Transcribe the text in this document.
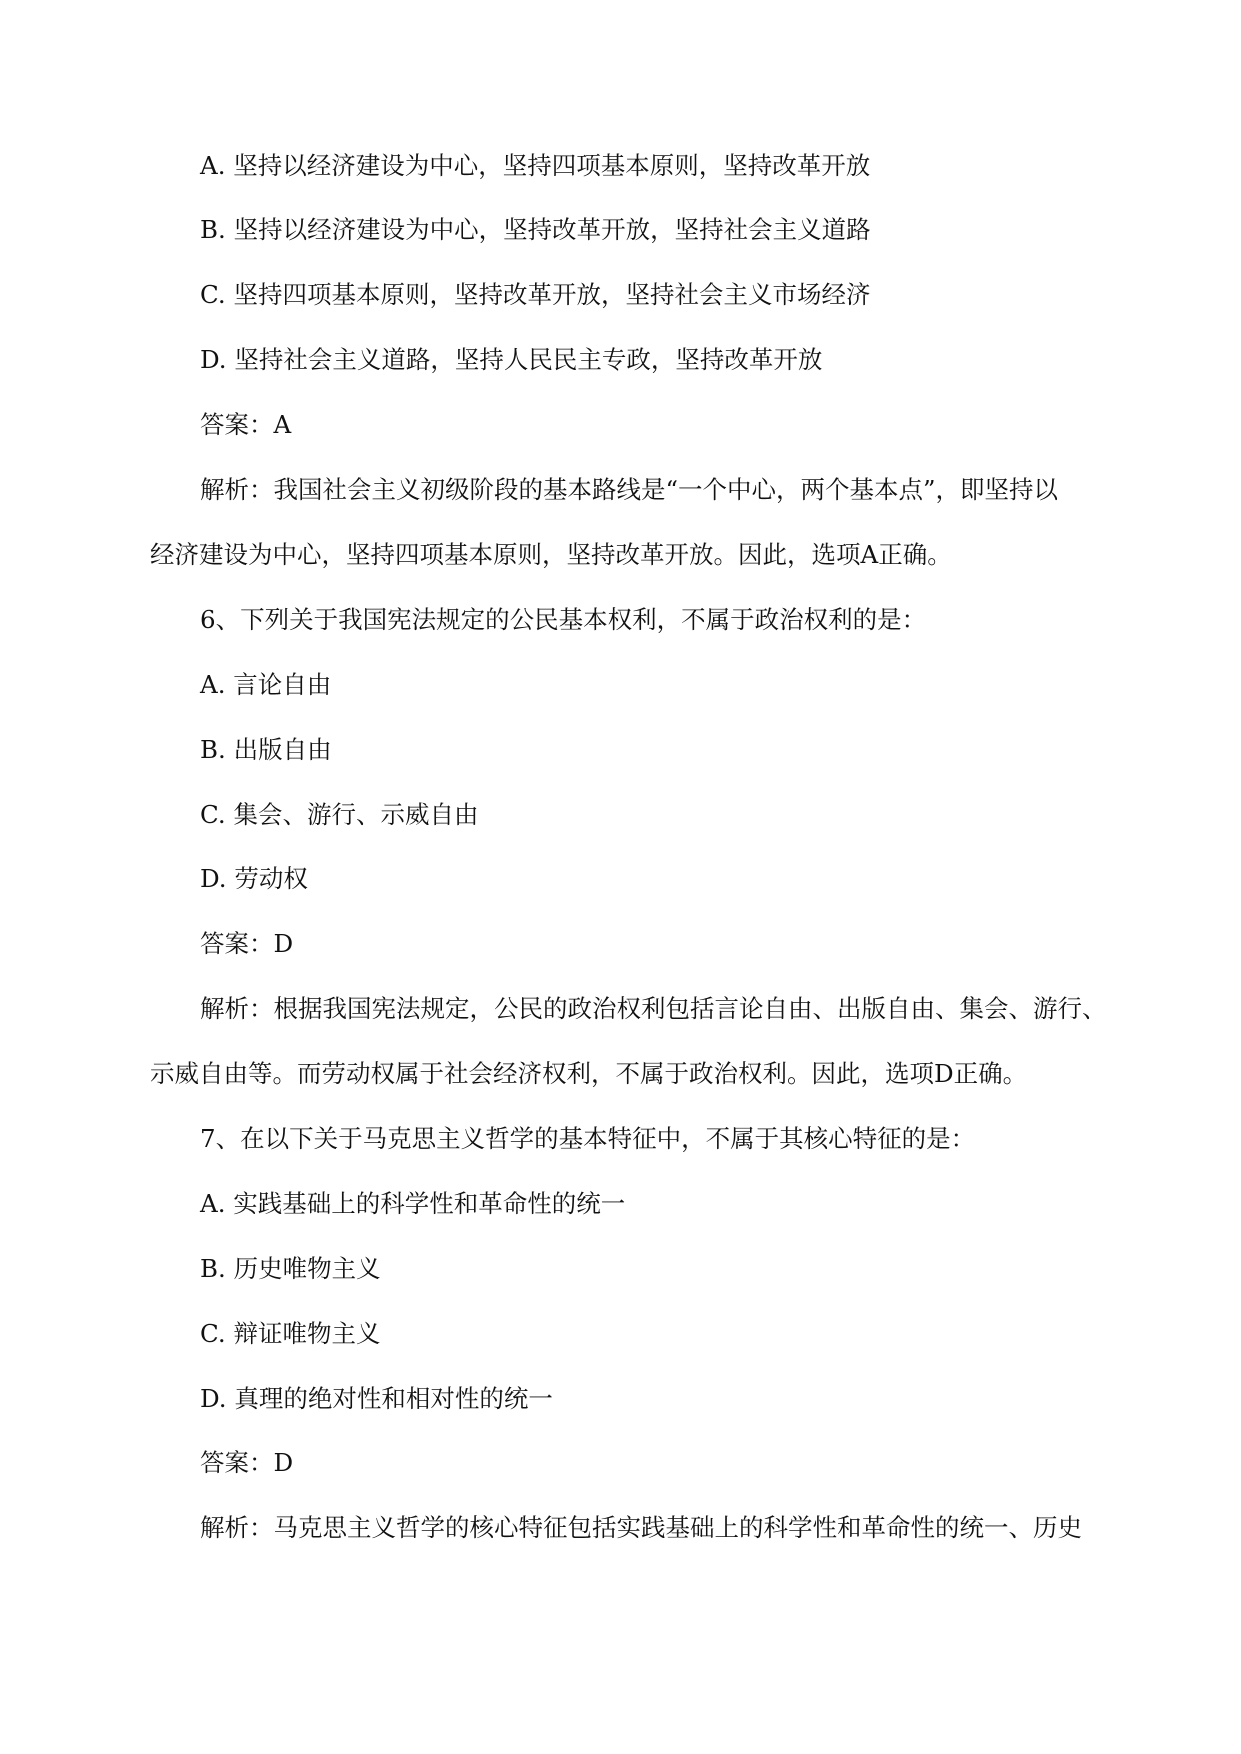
A. 坚持以经济建设为中心，坚持四项基本原则，坚持改革开放
B. 坚持以经济建设为中心，坚持改革开放，坚持社会主义道路
C. 坚持四项基本原则，坚持改革开放，坚持社会主义市场经济
D. 坚持社会主义道路，坚持人民民主专政，坚持改革开放
答案：A
解析：我国社会主义初级阶段的基本路线是“一个中心，两个基本点”，即坚持以
经济建设为中心，坚持四项基本原则，坚持改革开放。因此，选项A正确。
6、下列关于我国宪法规定的公民基本权利，不属于政治权利的是：
A. 言论自由
B. 出版自由
C. 集会、游行、示威自由
D. 劳动权
答案：D
解析：根据我国宪法规定，公民的政治权利包括言论自由、出版自由、集会、游行、
示威自由等。而劳动权属于社会经济权利，不属于政治权利。因此，选项D正确。
7、在以下关于马克思主义哲学的基本特征中，不属于其核心特征的是：
A. 实践基础上的科学性和革命性的统一
B. 历史唯物主义
C. 辩证唯物主义
D. 真理的绝对性和相对性的统一
答案：D
解析：马克思主义哲学的核心特征包括实践基础上的科学性和革命性的统一、历史
